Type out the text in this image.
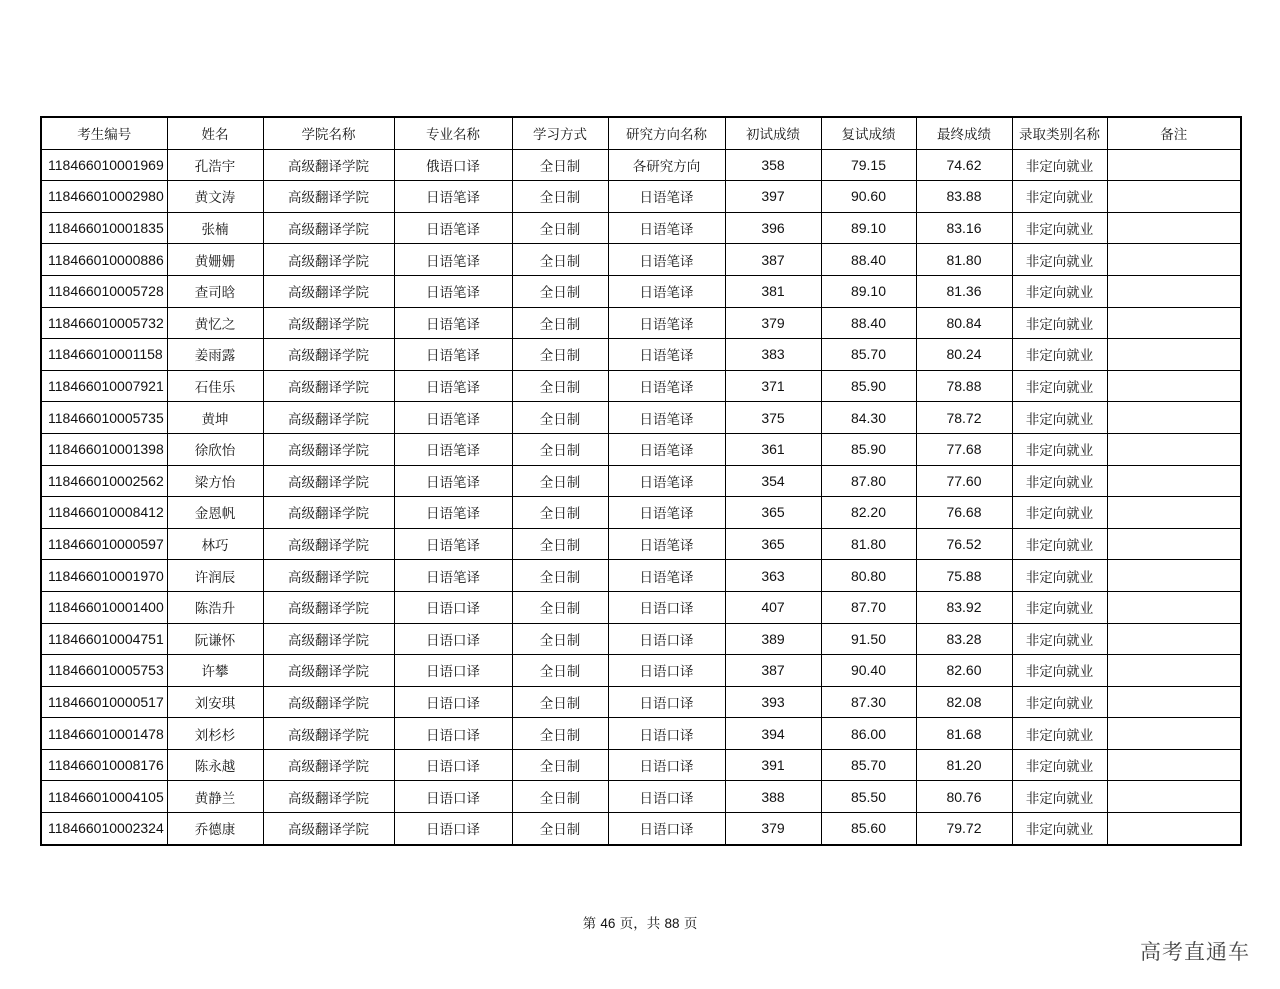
考生编号	姓名	学院名称	专业名称	学习方式	研究方向名称	初试成绩	复试成绩	最终成绩	录取类别名称	备注
118466010001969	孔浩宇	高级翻译学院	俄语口译	全日制	各研究方向	358	79.15	74.62	非定向就业	
118466010002980	黄文涛	高级翻译学院	日语笔译	全日制	日语笔译	397	90.60	83.88	非定向就业	
118466010001835	张楠	高级翻译学院	日语笔译	全日制	日语笔译	396	89.10	83.16	非定向就业	
118466010000886	黄姗姗	高级翻译学院	日语笔译	全日制	日语笔译	387	88.40	81.80	非定向就业	
118466010005728	查司晗	高级翻译学院	日语笔译	全日制	日语笔译	381	89.10	81.36	非定向就业	
118466010005732	黄忆之	高级翻译学院	日语笔译	全日制	日语笔译	379	88.40	80.84	非定向就业	
118466010001158	姜雨露	高级翻译学院	日语笔译	全日制	日语笔译	383	85.70	80.24	非定向就业	
118466010007921	石佳乐	高级翻译学院	日语笔译	全日制	日语笔译	371	85.90	78.88	非定向就业	
118466010005735	黄坤	高级翻译学院	日语笔译	全日制	日语笔译	375	84.30	78.72	非定向就业	
118466010001398	徐欣怡	高级翻译学院	日语笔译	全日制	日语笔译	361	85.90	77.68	非定向就业	
118466010002562	梁方怡	高级翻译学院	日语笔译	全日制	日语笔译	354	87.80	77.60	非定向就业	
118466010008412	金恩帆	高级翻译学院	日语笔译	全日制	日语笔译	365	82.20	76.68	非定向就业	
118466010000597	林巧	高级翻译学院	日语笔译	全日制	日语笔译	365	81.80	76.52	非定向就业	
118466010001970	许润辰	高级翻译学院	日语笔译	全日制	日语笔译	363	80.80	75.88	非定向就业	
118466010001400	陈浩升	高级翻译学院	日语口译	全日制	日语口译	407	87.70	83.92	非定向就业	
118466010004751	阮谦怀	高级翻译学院	日语口译	全日制	日语口译	389	91.50	83.28	非定向就业	
118466010005753	许攀	高级翻译学院	日语口译	全日制	日语口译	387	90.40	82.60	非定向就业	
118466010000517	刘安琪	高级翻译学院	日语口译	全日制	日语口译	393	87.30	82.08	非定向就业	
118466010001478	刘杉杉	高级翻译学院	日语口译	全日制	日语口译	394	86.00	81.68	非定向就业	
118466010008176	陈永越	高级翻译学院	日语口译	全日制	日语口译	391	85.70	81.20	非定向就业	
118466010004105	黄静兰	高级翻译学院	日语口译	全日制	日语口译	388	85.50	80.76	非定向就业	
118466010002324	乔德康	高级翻译学院	日语口译	全日制	日语口译	379	85.60	79.72	非定向就业	
第 46 页，共 88 页
高考直通车
